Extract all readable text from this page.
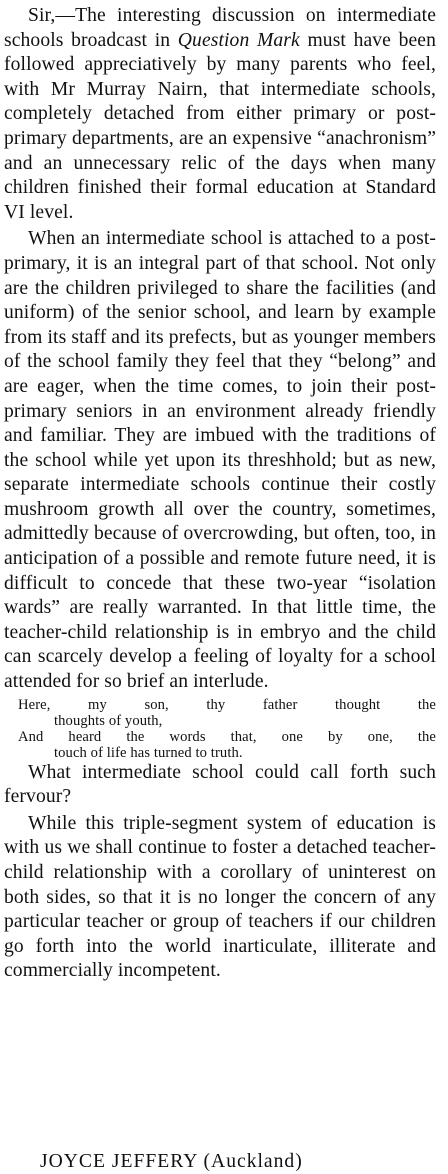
Sir,—The interesting discussion on intermediate schools broadcast in Question Mark must have been followed appreciatively by many parents who feel, with Mr Murray Nairn, that intermediate schools, completely detached from either primary or post-primary departments, are an expensive “anachronism” and an unnecessary relic of the days when many children finished their formal education at Standard VI level.

When an intermediate school is attached to a post-primary, it is an integral part of that school. Not only are the children privileged to share the facilities (and uniform) of the senior school, and learn by example from its staff and its prefects, but as younger members of the school family they feel that they “belong” and are eager, when the time comes, to join their post-primary seniors in an environment already friendly and familiar. They are imbued with the traditions of the school while yet upon its threshhold; but as new, separate intermediate schools continue their costly mushroom growth all over the country, sometimes, admittedly because of overcrowding, but often, too, in anticipation of a possible and remote future need, it is difficult to concede that these two-year “isolation wards” are really warranted. In that little time, the teacher-child relationship is in embryo and the child can scarcely develop a feeling of loyalty for a school attended for so brief an interlude.

Here, my son, thy father thought the
thoughts of youth,
And heard the words that, one by one, the
touch of life has turned to truth.

What intermediate school could call forth such fervour?

While this triple-segment system of education is with us we shall continue to foster a detached teacher-child relationship with a corollary of uninterest on both sides, so that it is no longer the concern of any particular teacher or group of teachers if our children go forth into the world inarticulate, illiterate and commercially incompetent.

JOYCE JEFFERY (Auckland)
